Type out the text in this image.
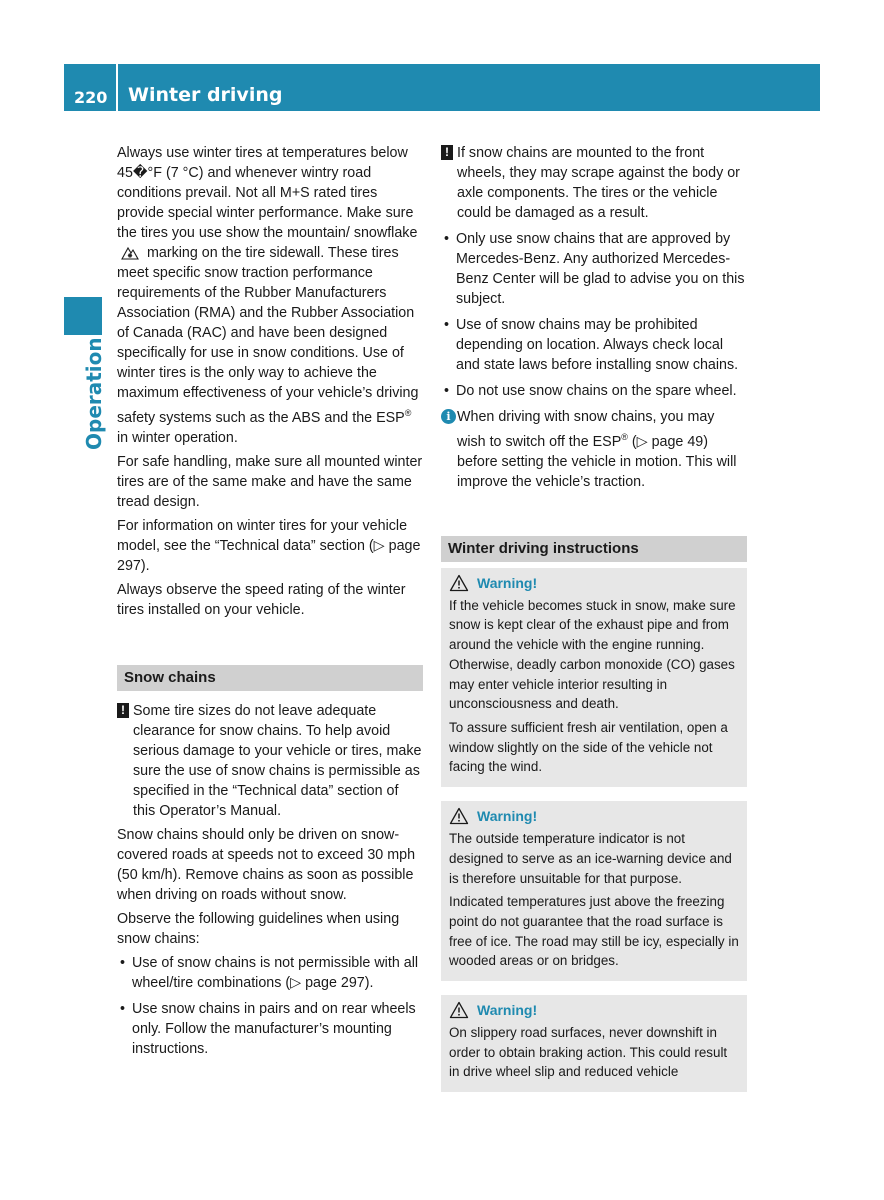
220 Winter driving
Operation

Always use winter tires at temperatures below 45�°F (7 °C) and whenever wintry road conditions prevail. Not all M+S rated tires provide special winter performance. Make sure the tires you use show the mountain/ snowflake  marking on the tire sidewall. These tires meet specific snow traction performance requirements of the Rubber Manufacturers Association (RMA) and the Rubber Association of Canada (RAC) and have been designed specifically for use in snow conditions. Use of winter tires is the only way to achieve the maximum effectiveness of your vehicle’s driving safety systems such as the ABS and the ESP® in winter operation.

For safe handling, make sure all mounted winter tires are of the same make and have the same tread design.

For information on winter tires for your vehicle model, see the “Technical data” section (▷ page 297).

Always observe the speed rating of the winter tires installed on your vehicle.

Snow chains
! Some tire sizes do not leave adequate clearance for snow chains. To help avoid serious damage to your vehicle or tires, make sure the use of snow chains is permissible as specified in the “Technical data” section of this Operator’s Manual.

Snow chains should only be driven on snow-covered roads at speeds not to exceed 30 mph (50 km/h). Remove chains as soon as possible when driving on roads without snow.

Observe the following guidelines when using snow chains:

• Use of snow chains is not permissible with all wheel/tire combinations (▷ page 297).
• Use snow chains in pairs and on rear wheels only. Follow the manufacturer’s mounting instructions.
! If snow chains are mounted to the front wheels, they may scrape against the body or axle components. The tires or the vehicle could be damaged as a result.
• Only use snow chains that are approved by Mercedes-Benz. Any authorized Mercedes-Benz Center will be glad to advise you on this subject.
• Use of snow chains may be prohibited depending on location. Always check local and state laws before installing snow chains.
• Do not use snow chains on the spare wheel.
i When driving with snow chains, you may wish to switch off the ESP® (▷ page 49) before setting the vehicle in motion. This will improve the vehicle’s traction.
Winter driving instructions
Warning!

If the vehicle becomes stuck in snow, make sure snow is kept clear of the exhaust pipe and from around the vehicle with the engine running. Otherwise, deadly carbon monoxide (CO) gases may enter vehicle interior resulting in unconsciousness and death.

To assure sufficient fresh air ventilation, open a window slightly on the side of the vehicle not facing the wind.

Warning!

The outside temperature indicator is not designed to serve as an ice-warning device and is therefore unsuitable for that purpose.

Indicated temperatures just above the freezing point do not guarantee that the road surface is free of ice. The road may still be icy, especially in wooded areas or on bridges.

Warning!

On slippery road surfaces, never downshift in order to obtain braking action. This could result in drive wheel slip and reduced vehicle
